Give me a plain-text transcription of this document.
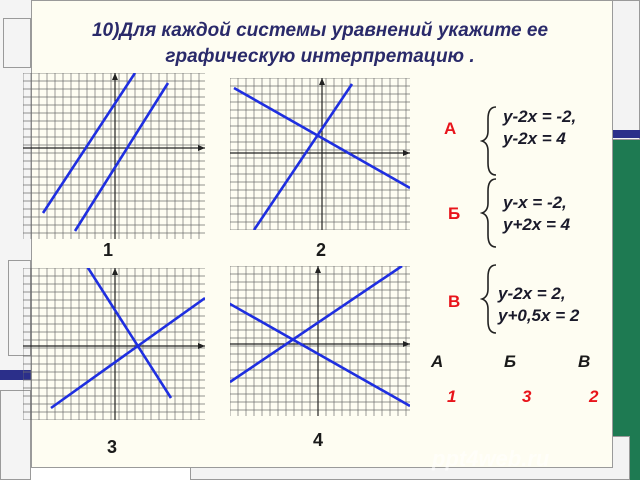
10)Для каждой системы уравнений укажите ее
графическую интерпретацию .
1	2
3	4
А
y-2x = -2,
y-2x = 4
Б
y-x = -2,
y+2x = 4
В y-2x = 2,
y+0,5x = 2
А	Б	В
1	3	2
ppt4web.ru
